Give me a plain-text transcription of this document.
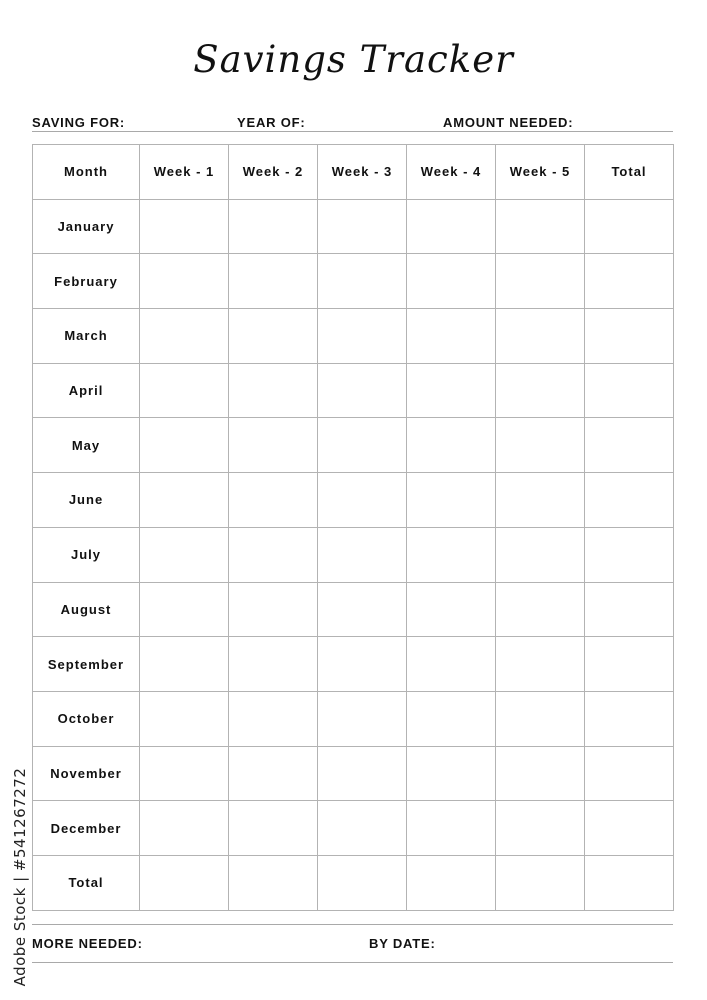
Savings Tracker
SAVING FOR:	YEAR OF:	AMOUNT NEEDED:
Month	Week - 1	Week - 2	Week - 3	Week - 4	Week - 5	Total
January						
February						
March						
April						
May						
June						
July						
August						
September						
October						
November						
December						
Total						
MORE NEEDED:	BY DATE:
Adobe Stock | #541267272
